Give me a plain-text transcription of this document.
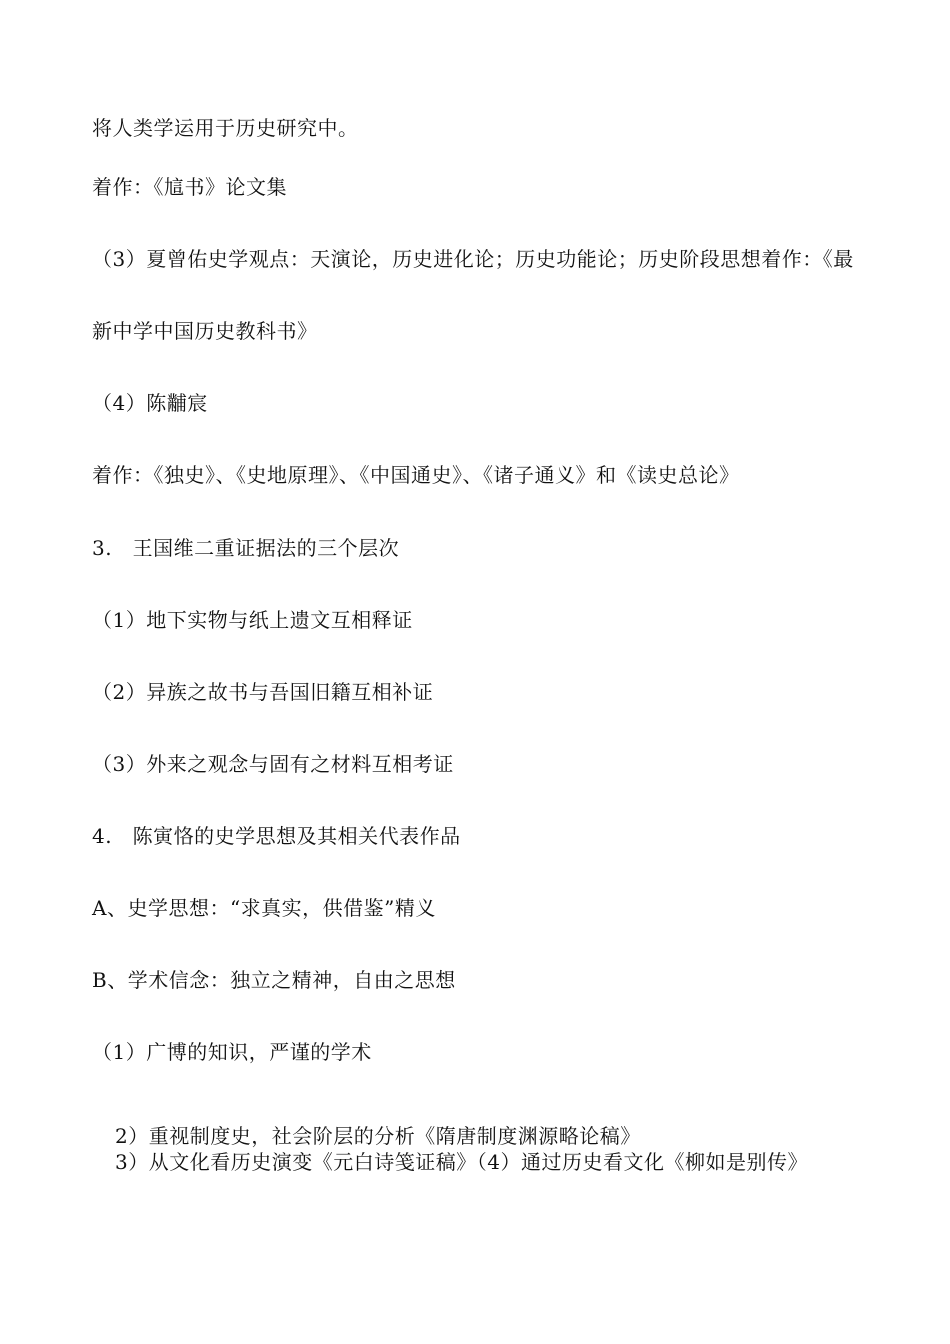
将人类学运用于历史研究中。
着作：《訄书》论文集
（3）夏曾佑史学观点：天演论，历史进化论；历史功能论；历史阶段思想着作：《最
新中学中国历史教科书》
（4）陈黼宸
着作：《独史》、《史地原理》、《中国通史》、《诸子通义》和《读史总论》
3.　王国维二重证据法的三个层次
（1）地下实物与纸上遗文互相释证
（2）异族之故书与吾国旧籍互相补证
（3）外来之观念与固有之材料互相考证
4.　陈寅恪的史学思想及其相关代表作品
A、史学思想：“求真实，供借鉴”精义
B、学术信念：独立之精神，自由之思想
（1）广博的知识，严谨的学术
2）重视制度史，社会阶层的分析《隋唐制度渊源略论稿》
3）从文化看历史演变《元白诗笺证稿》（4）通过历史看文化《柳如是别传》
